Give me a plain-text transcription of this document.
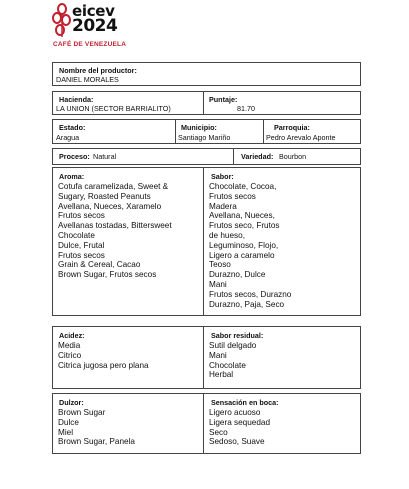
eicev
2024
CAFÉ DE VENEZUELA
Nombre del productor:
DANIEL MORALES
Hacienda:
LA UNION (SECTOR BARRIALITO)
Puntaje:
81.70
Estado:
Aragua
Municipio:
Santiago Mariño
Parroquia:
Pedro Arevalo Aponte
Proceso: Natural	Variedad: Bourbon
Aroma:
Cotufa caramelizada, Sweet &
Sugary, Roasted Peanuts
Avellana, Nueces, Xaramelo
Frutos secos
Avellanas tostadas, Bittersweet
Chocolate
Dulce, Frutal
Frutos secos
Grain & Cereal, Cacao
Brown Sugar, Frutos secos
Sabor:
Chocolate, Cocoa,
Frutos secos
Madera
Avellana, Nueces,
Frutos seco, Frutos
de hueso,
Leguminoso, Flojo,
Ligero a caramelo
Teoso
Durazno, Dulce
Mani
Frutos secos, Durazno
Durazno, Paja, Seco
Acidez:
Media
Citrico
Citrica jugosa pero plana
Sabor residual:
Sutil delgado
Mani
Chocolate
Herbal
Dulzor:
Brown Sugar
Dulce
Miel
Brown Sugar, Panela
Sensación en boca:
Ligero acuoso
Ligera sequedad
Seco
Sedoso, Suave
